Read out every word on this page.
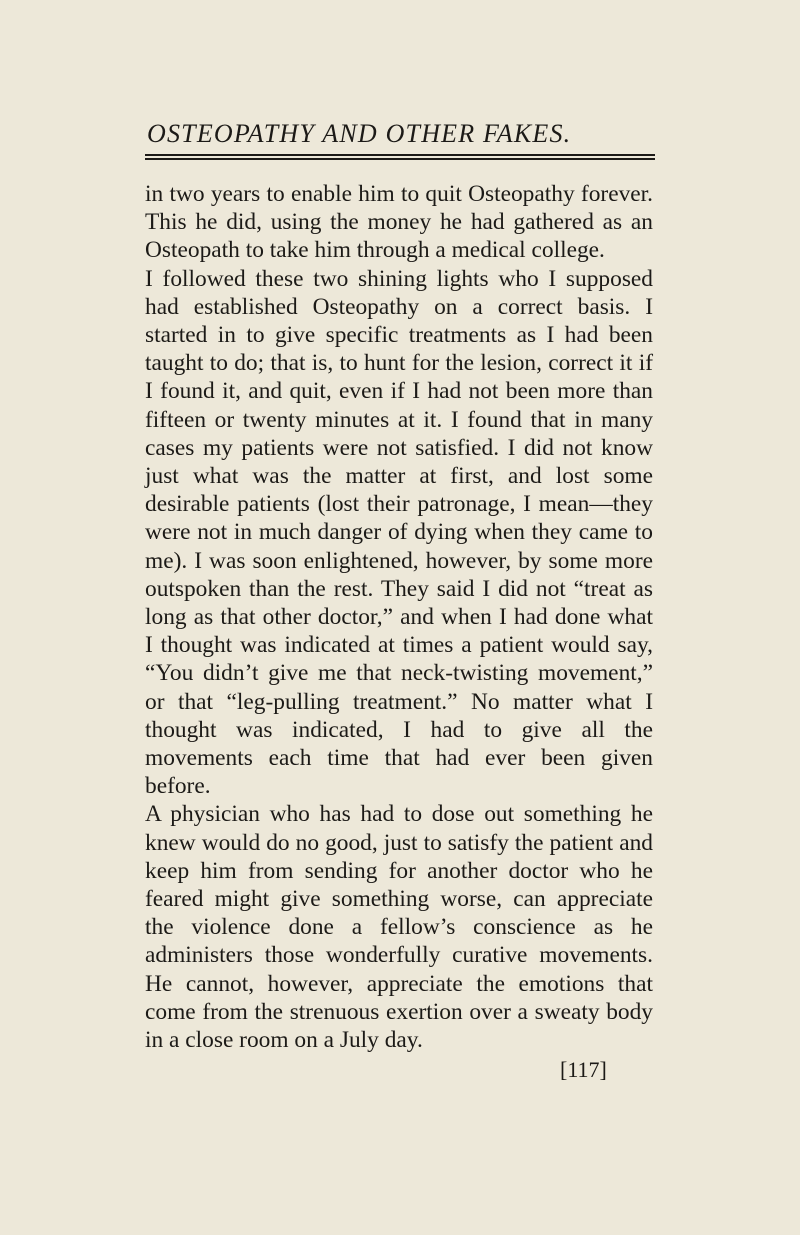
OSTEOPATHY AND OTHER FAKES.

in two years to enable him to quit Osteopathy forever. This he did, using the money he had gathered as an Osteopath to take him through a medical college.

I followed these two shining lights who I supposed had established Osteopathy on a correct basis. I started in to give specific treatments as I had been taught to do; that is, to hunt for the lesion, correct it if I found it, and quit, even if I had not been more than fifteen or twenty minutes at it. I found that in many cases my patients were not satisfied. I did not know just what was the matter at first, and lost some desirable patients (lost their patronage, I mean—they were not in much danger of dying when they came to me). I was soon enlightened, however, by some more outspoken than the rest. They said I did not “treat as long as that other doctor,” and when I had done what I thought was indicated at times a patient would say, “You didn’t give me that neck-twisting movement,” or that “leg-pulling treatment.” No matter what I thought was indicated, I had to give all the movements each time that had ever been given before.

A physician who has had to dose out something he knew would do no good, just to satisfy the patient and keep him from sending for another doctor who he feared might give something worse, can appreciate the violence done a fellow’s conscience as he administers those wonderfully curative movements. He cannot, however, appreciate the emotions that come from the strenuous exertion over a sweaty body in a close room on a July day.

[117]
